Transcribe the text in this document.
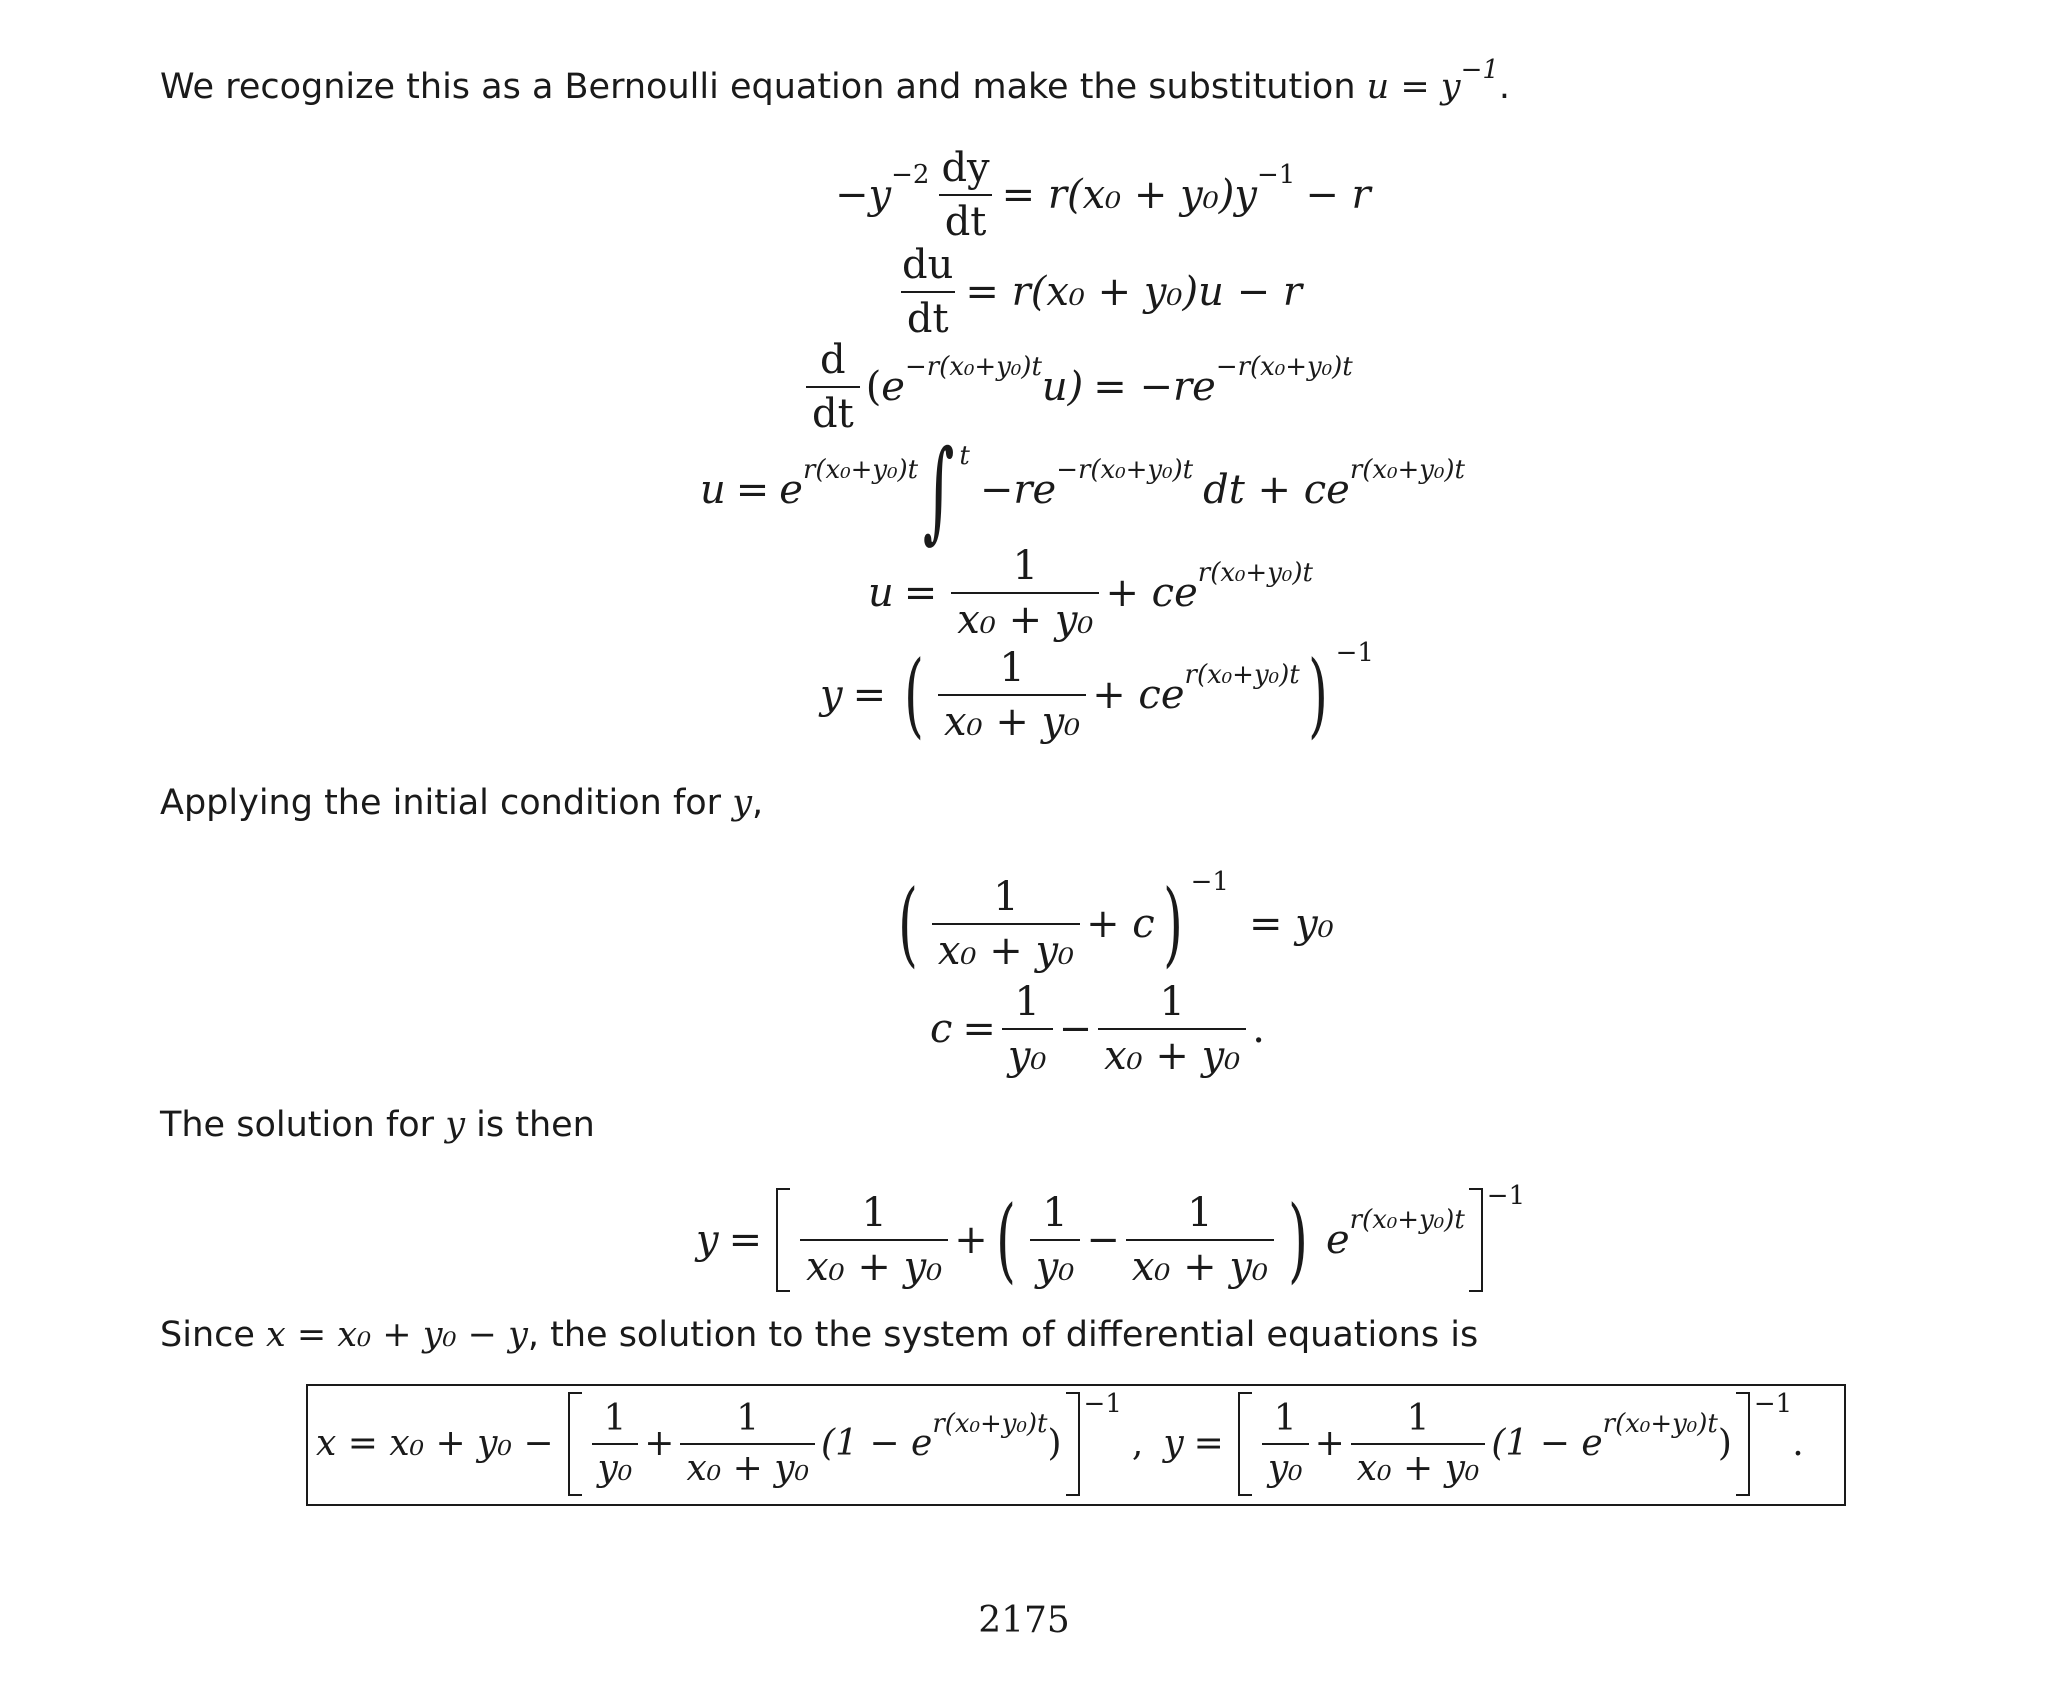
We recognize this as a Bernoulli equation and make the substitution $u = y^{-1}$.
− $y -2 \frac{dy}{dt} = r(x_0 + y_0)y -1 - r$
$\frac{du}{dt} = r(x_0 + y_0)u - r$
$\frac{d}{dt}$ ( e −r(x₀+y₀)t u) = −re −r(x₀+y₀)t
u = e r(x₀+y₀)t ∫ t
−re −r(x₀+y₀)t dt + ce r(x₀+y₀)t
$u = \frac{1}{\text{x₀ + y₀}}$ + ce r(x₀+y₀)t
y = ( $\frac{1}{\text{x₀ + y₀}}$ + ce r(x₀+y₀)t ) −1
Applying the initial condition for y,
( $\frac{1}{\text{x₀ + y₀}} + c$ ) −1
= y₀
$c = \frac{1}{\text{y₀}} - \frac{1}{\text{x₀ + y₀}}$ .
The solution for y is then
$y = \frac{1}{\text{x₀ + y₀}}$ + ( $\frac{1}{\text{y₀}} - \frac{1}{\text{x₀ + y₀}}$ ) e r(x₀+y₀)t
−1
Since x = x₀ + y₀ − y, the solution to the system of differential equations is
$x = x_0 + y_0 - \frac{1}{\text{y₀}} + \frac{1}{\text{x₀ + y₀}} (1 - e$ r(x₀+y₀)t )
−1
, $y = \frac{1}{\text{y₀}} + \frac{1}{\text{x₀ + y₀}} (1 - e$ r(x₀+y₀)t )
−1
.
2175
